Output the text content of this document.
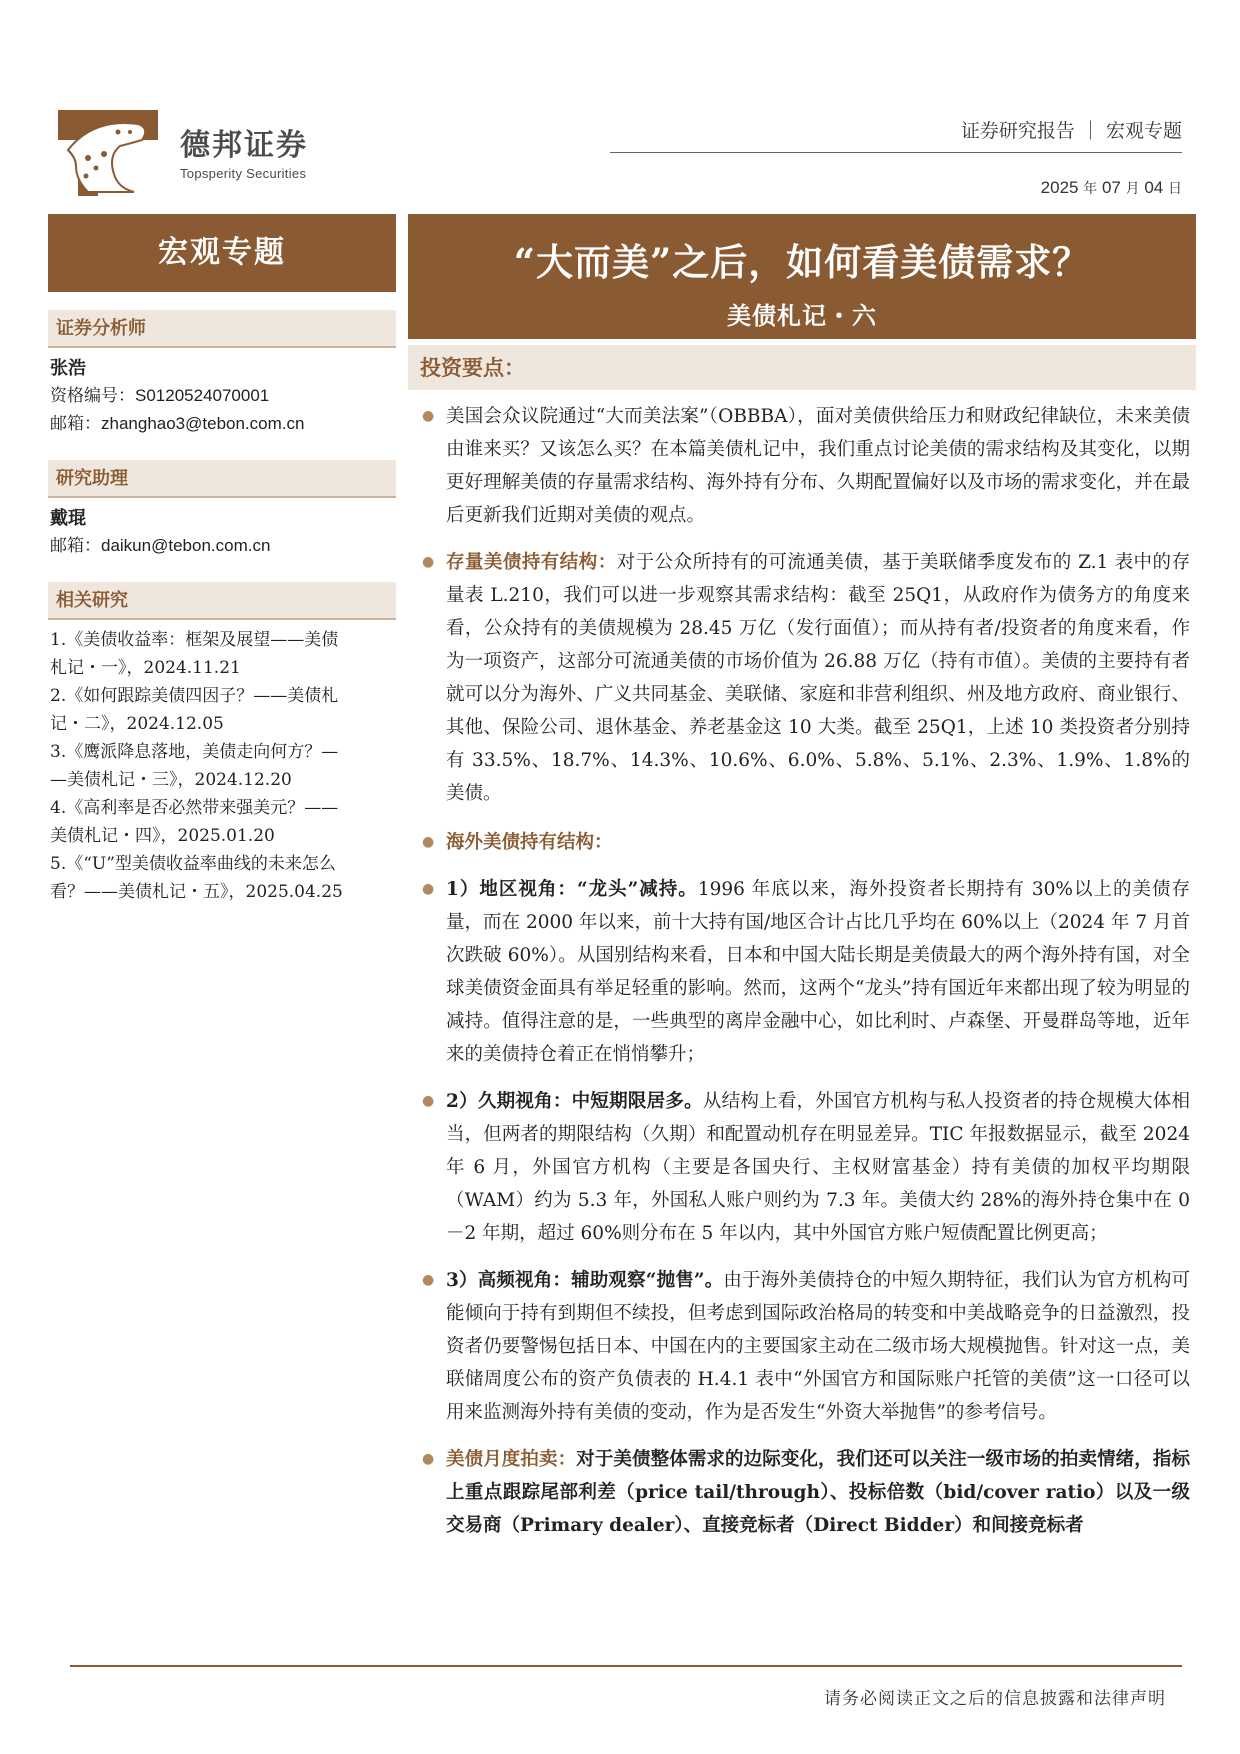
德邦证券
Topsperity Securities
证券研究报告 ｜ 宏观专题
2025 年 07 月 04 日
宏观专题
证券分析师
张浩
资格编号：S0120524070001
邮箱：zhanghao3@tebon.com.cn
研究助理
戴琨
邮箱：daikun@tebon.com.cn
相关研究
1.《美债收益率：框架及展望——美债
札记・一》，2024.11.21
2.《如何跟踪美债四因子？——美债札
记・二》，2024.12.05
3.《鹰派降息落地，美债走向何方？—
—美债札记・三》，2024.12.20
4.《高利率是否必然带来强美元？——
美债札记・四》，2025.01.20
5.《“U”型美债收益率曲线的未来怎么
看？——美债札记・五》，2025.04.25
“大而美”之后，如何看美债需求？
美债札记・六
投资要点：
● 美国会众议院通过“大而美法案”（OBBBA），面对美债供给压力和财政纪律缺位，未来美债由谁来买？又该怎么买？在本篇美债札记中，我们重点讨论美债的需求结构及其变化，以期更好理解美债的存量需求结构、海外持有分布、久期配置偏好以及市场的需求变化，并在最后更新我们近期对美债的观点。
● 存量美债持有结构：对于公众所持有的可流通美债，基于美联储季度发布的 Z.1 表中的存量表 L.210，我们可以进一步观察其需求结构：截至 25Q1，从政府作为债务方的角度来看，公众持有的美债规模为 28.45 万亿（发行面值）；而从持有者/投资者的角度来看，作为一项资产，这部分可流通美债的市场价值为 26.88 万亿（持有市值）。美债的主要持有者就可以分为海外、广义共同基金、美联储、家庭和非营利组织、州及地方政府、商业银行、其他、保险公司、退休基金、养老基金这 10 大类。截至 25Q1，上述 10 类投资者分别持有 33.5%、18.7%、14.3%、10.6%、6.0%、5.8%、5.1%、2.3%、1.9%、1.8%的美债。
● 海外美债持有结构：
● 1）地区视角：“龙头”减持。1996 年底以来，海外投资者长期持有 30%以上的美债存量，而在 2000 年以来，前十大持有国/地区合计占比几乎均在 60%以上（2024 年 7 月首次跌破 60%）。从国别结构来看，日本和中国大陆长期是美债最大的两个海外持有国，对全球美债资金面具有举足轻重的影响。然而，这两个“龙头”持有国近年来都出现了较为明显的减持。值得注意的是，一些典型的离岸金融中心，如比利时、卢森堡、开曼群岛等地，近年来的美债持仓着正在悄悄攀升；
● 2）久期视角：中短期限居多。从结构上看，外国官方机构与私人投资者的持仓规模大体相当，但两者的期限结构（久期）和配置动机存在明显差异。TIC 年报数据显示，截至 2024 年 6 月，外国官方机构（主要是各国央行、主权财富基金）持有美债的加权平均期限（WAM）约为 5.3 年，外国私人账户则约为 7.3 年。美债大约 28%的海外持仓集中在 0－2 年期，超过 60%则分布在 5 年以内，其中外国官方账户短债配置比例更高；
● 3）高频视角：辅助观察“抛售”。由于海外美债持仓的中短久期特征，我们认为官方机构可能倾向于持有到期但不续投，但考虑到国际政治格局的转变和中美战略竞争的日益激烈，投资者仍要警惕包括日本、中国在内的主要国家主动在二级市场大规模抛售。针对这一点，美联储周度公布的资产负债表的 H.4.1 表中“外国官方和国际账户托管的美债”这一口径可以用来监测海外持有美债的变动，作为是否发生“外资大举抛售”的参考信号。
● 美债月度拍卖：对于美债整体需求的边际变化，我们还可以关注一级市场的拍卖情绪，指标上重点跟踪尾部利差（price tail/through）、投标倍数（bid/cover ratio）以及一级交易商（Primary dealer）、直接竞标者（Direct Bidder）和间接竞标者
请务必阅读正文之后的信息披露和法律声明
